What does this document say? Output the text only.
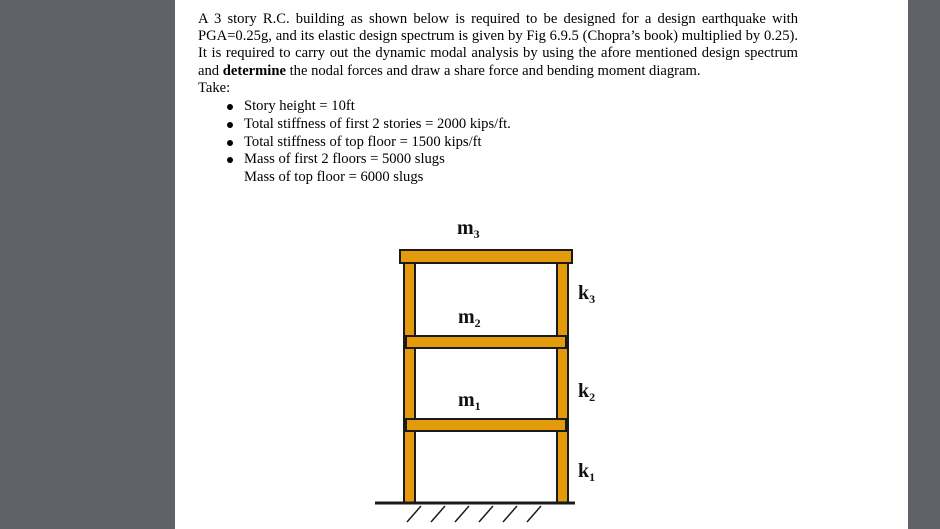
A 3 story R.C. building as shown below is required to be designed for a design earthquake with PGA=0.25g, and its elastic design spectrum is given by Fig 6.9.5 (Chopra’s book) multiplied by 0.25). It is required to carry out the dynamic modal analysis by using the afore mentioned design spectrum and determine the nodal forces and draw a share force and bending moment diagram.

Take:
Story height = 10ft
Total stiffness of first 2 stories = 2000 kips/ft.
Total stiffness of top floor = 1500 kips/ft
Mass of first 2 floors = 5000 slugs
Mass of top floor = 6000 slugs
$m_3$
$m_2$
$m_1$
$k_3$
$k_2$
$k_1$
